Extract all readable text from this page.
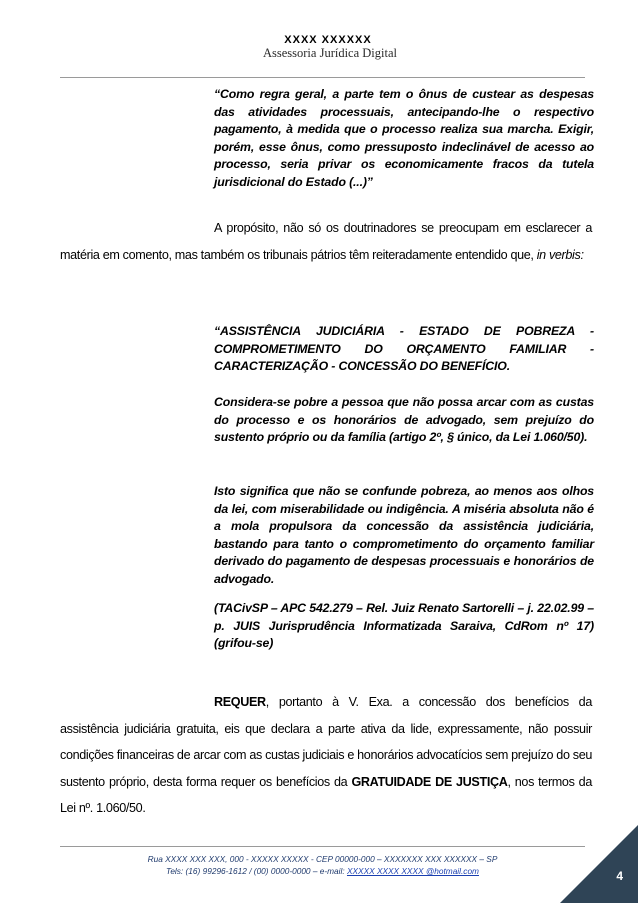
XXXX XXXXXX
Assessoria Jurídica Digital
“Como regra geral, a parte tem o ônus de custear as despesas das atividades processuais, antecipando-lhe o respectivo pagamento, à medida que o processo realiza sua marcha. Exigir, porém, esse ônus, como pressuposto indeclinável de acesso ao processo, seria privar os economicamente fracos da tutela jurisdicional do Estado (...)”
A propósito, não só os doutrinadores se preocupam em esclarecer a matéria em comento, mas também os tribunais pátrios têm reiteradamente entendido que, in verbis:
“ASSISTÊNCIA JUDICIÁRIA - ESTADO DE POBREZA - COMPROMETIMENTO DO ORÇAMENTO FAMILIAR - CARACTERIZAÇÃO - CONCESSÃO DO BENEFÍCIO.
Considera-se pobre a pessoa que não possa arcar com as custas do processo e os honorários de advogado, sem prejuízo do sustento próprio ou da família (artigo 2º, § único, da Lei 1.060/50).
Isto significa que não se confunde pobreza, ao menos aos olhos da lei, com miserabilidade ou indigência. A miséria absoluta não é a mola propulsora da concessão da assistência judiciária, bastando para tanto o comprometimento do orçamento familiar derivado do pagamento de despesas processuais e honorários de advogado.
(TACivSP – APC 542.279 – Rel. Juiz Renato Sartorelli – j. 22.02.99 – p. JUIS Jurisprudência Informatizada Saraiva, CdRom nº 17) (grifou-se)
REQUER, portanto à V. Exa. a concessão dos benefícios da assistência judiciária gratuita, eis que declara a parte ativa da lide, expressamente, não possuir condições financeiras de arcar com as custas judiciais e honorários advocatícios sem prejuízo do seu sustento próprio, desta forma requer os benefícios da GRATUIDADE DE JUSTIÇA, nos termos da Lei nº. 1.060/50.
Rua XXXX XXX XXX, 000 - XXXXX XXXXX - CEP 00000-000 – XXXXXXX XXX XXXXXX – SP
Tels: (16) 99296-1612 / (00) 0000-0000 – e-mail: XXXXX XXXX XXXX @hotmail.com	4
